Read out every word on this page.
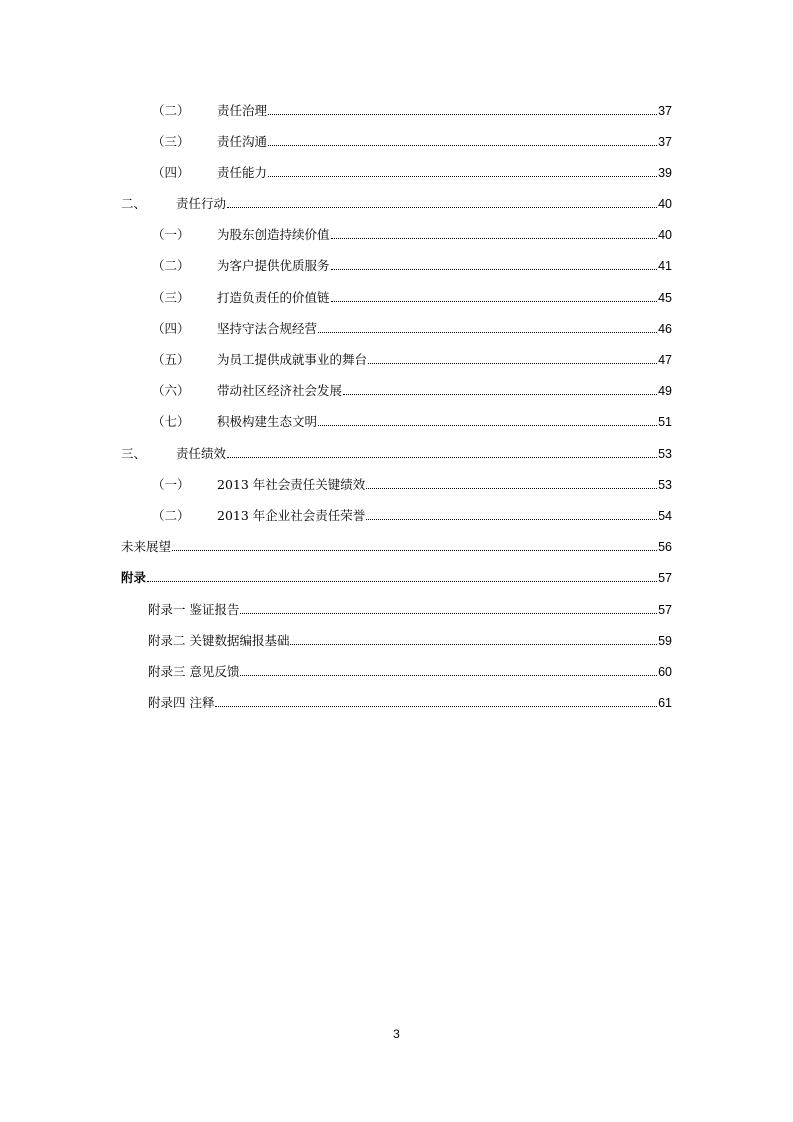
（二） 责任治理	37
（三） 责任沟通	37
（四） 责任能力	39
二、 责任行动	40
（一） 为股东创造持续价值	40
（二） 为客户提供优质服务	41
（三） 打造负责任的价值链	45
（四） 坚持守法合规经营	46
（五） 为员工提供成就事业的舞台	47
（六） 带动社区经济社会发展	49
（七） 积极构建生态文明	51
三、 责任绩效	53
（一） 2013 年社会责任关键绩效	53
（二） 2013 年企业社会责任荣誉	54
未来展望	56
附录	57
附录一 鉴证报告	57
附录二 关键数据编报基础	59
附录三 意见反馈	60
附录四 注释	61
3
